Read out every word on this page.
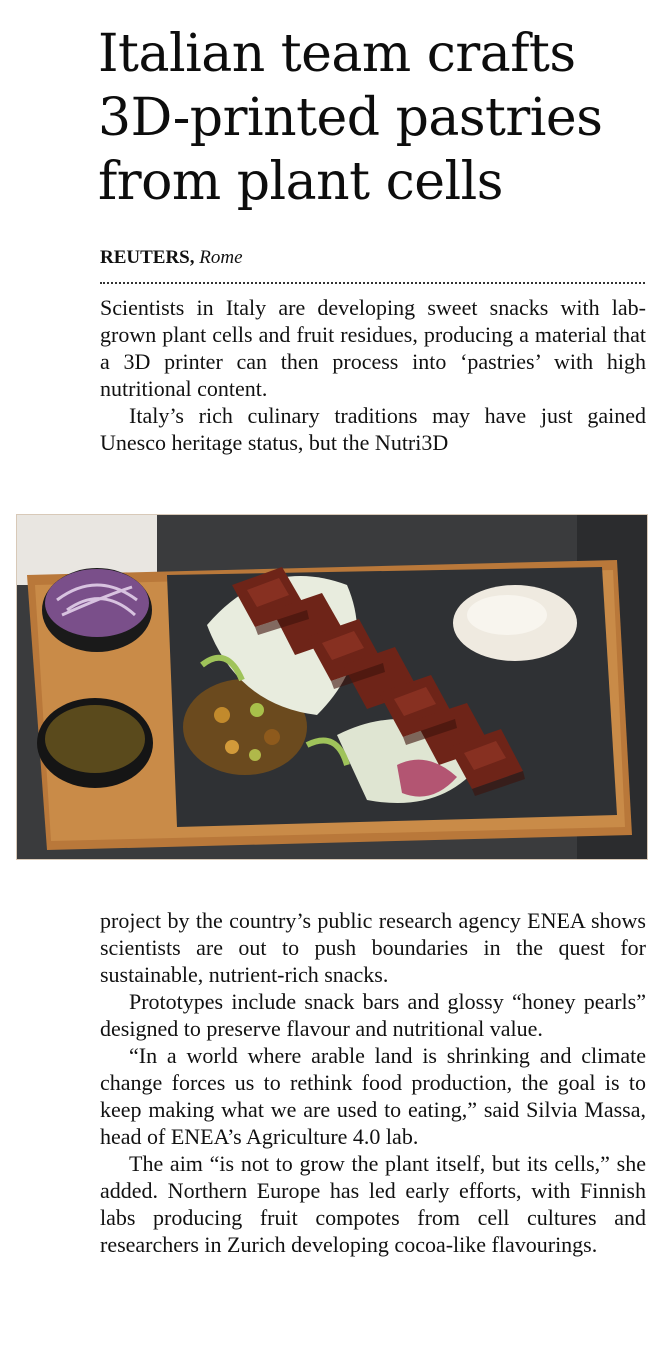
Italian team crafts
3D-printed pastries
from plant cells
REUTERS, Rome

Scientists in Italy are developing sweet snacks with lab-grown plant cells and fruit residues, producing a material that a 3D printer can then process into ‘pastries’ with high nutritional content.

Italy’s rich culinary traditions may have just gained Unesco heritage status, but the Nutri3D

project by the country’s public research agency ENEA shows scientists are out to push boundaries in the quest for sustainable, nutrient-rich snacks.

Prototypes include snack bars and glossy “honey pearls” designed to preserve flavour and nutritional value.

“In a world where arable land is shrinking and climate change forces us to rethink food production, the goal is to keep making what we are used to eating,” said Silvia Massa, head of ENEA’s Agriculture 4.0 lab.

The aim “is not to grow the plant itself, but its cells,” she added. Northern Europe has led early efforts, with Finnish labs producing fruit compotes from cell cultures and researchers in Zurich developing cocoa-like flavourings.
